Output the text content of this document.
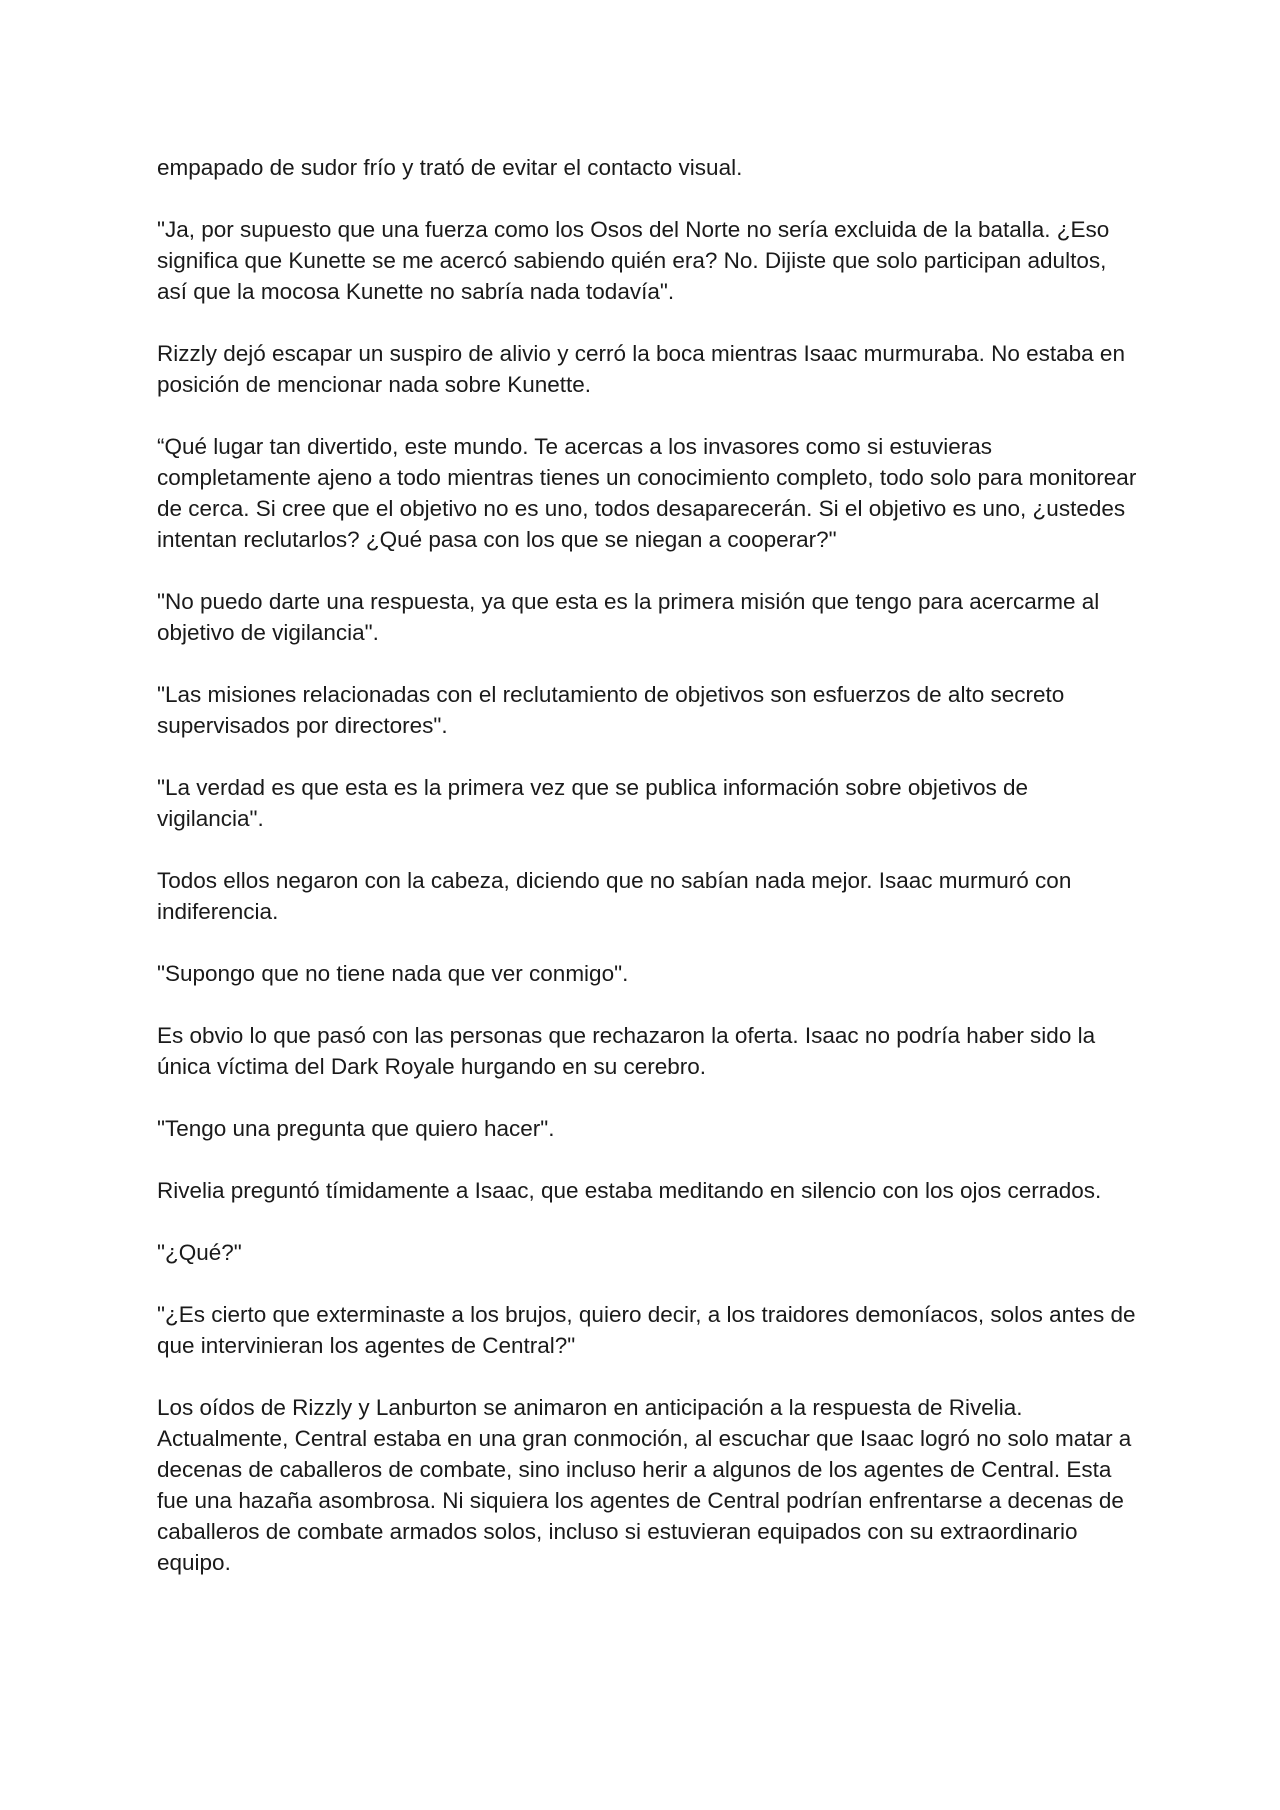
empapado de sudor frío y trató de evitar el contacto visual.

"Ja, por supuesto que una fuerza como los Osos del Norte no sería excluida de la batalla. ¿Eso significa que Kunette se me acercó sabiendo quién era? No. Dijiste que solo participan adultos, así que la mocosa Kunette no sabría nada todavía".

Rizzly dejó escapar un suspiro de alivio y cerró la boca mientras Isaac murmuraba. No estaba en posición de mencionar nada sobre Kunette.

“Qué lugar tan divertido, este mundo. Te acercas a los invasores como si estuvieras completamente ajeno a todo mientras tienes un conocimiento completo, todo solo para monitorear de cerca. Si cree que el objetivo no es uno, todos desaparecerán. Si el objetivo es uno, ¿ustedes intentan reclutarlos? ¿Qué pasa con los que se niegan a cooperar?"

"No puedo darte una respuesta, ya que esta es la primera misión que tengo para acercarme al objetivo de vigilancia".

"Las misiones relacionadas con el reclutamiento de objetivos son esfuerzos de alto secreto supervisados por directores".

"La verdad es que esta es la primera vez que se publica información sobre objetivos de vigilancia".

Todos ellos negaron con la cabeza, diciendo que no sabían nada mejor. Isaac murmuró con indiferencia.

"Supongo que no tiene nada que ver conmigo".

Es obvio lo que pasó con las personas que rechazaron la oferta. Isaac no podría haber sido la única víctima del Dark Royale hurgando en su cerebro.

"Tengo una pregunta que quiero hacer".

Rivelia preguntó tímidamente a Isaac, que estaba meditando en silencio con los ojos cerrados.

"¿Qué?"

"¿Es cierto que exterminaste a los brujos, quiero decir, a los traidores demoníacos, solos antes de que intervinieran los agentes de Central?"

Los oídos de Rizzly y Lanburton se animaron en anticipación a la respuesta de Rivelia. Actualmente, Central estaba en una gran conmoción, al escuchar que Isaac logró no solo matar a decenas de caballeros de combate, sino incluso herir a algunos de los agentes de Central. Esta fue una hazaña asombrosa. Ni siquiera los agentes de Central podrían enfrentarse a decenas de caballeros de combate armados solos, incluso si estuvieran equipados con su extraordinario equipo.
